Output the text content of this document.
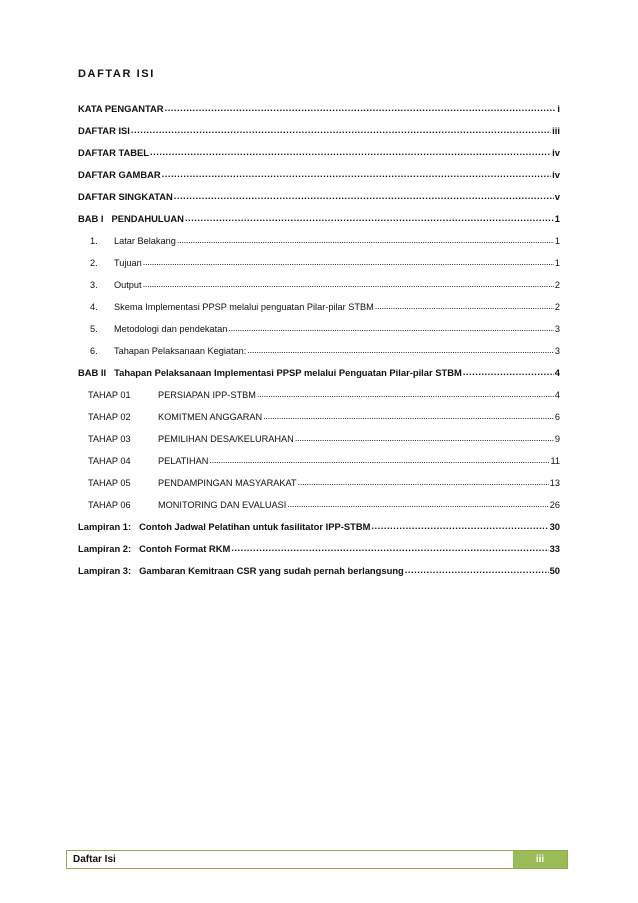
DAFTAR ISI
KATA PENGANTAR .....	i
DAFTAR ISI .....	iii
DAFTAR TABEL .....	iv
DAFTAR GAMBAR .....	iv
DAFTAR SINGKATAN .....	v
BAB I PENDAHULUAN .....	1
1.	Latar Belakang .....	1
2.	Tujuan .....	1
3.	Output .....	2
4.	Skema Implementasi PPSP melalui penguatan Pilar-pilar STBM .....	2
5.	Metodologi dan pendekatan .....	3
6.	Tahapan Pelaksanaan Kegiatan: .....	3
BAB II Tahapan Pelaksanaan Implementasi PPSP melalui Penguatan Pilar-pilar STBM .....	4
TAHAP 01	PERSIAPAN IPP-STBM .....	4
TAHAP 02	KOMITMEN ANGGARAN .....	6
TAHAP 03	PEMILIHAN DESA/KELURAHAN .....	9
TAHAP 04	PELATIHAN .....	11
TAHAP 05	PENDAMPINGAN MASYARAKAT .....	13
TAHAP 06	MONITORING DAN EVALUASI .....	26
Lampiran 1: Contoh Jadwal Pelatihan untuk fasilitator IPP-STBM .....	30
Lampiran 2: Contoh Format RKM .....	33
Lampiran 3: Gambaran Kemitraan CSR yang sudah pernah berlangsung .....	50
Daftar Isi	iii
